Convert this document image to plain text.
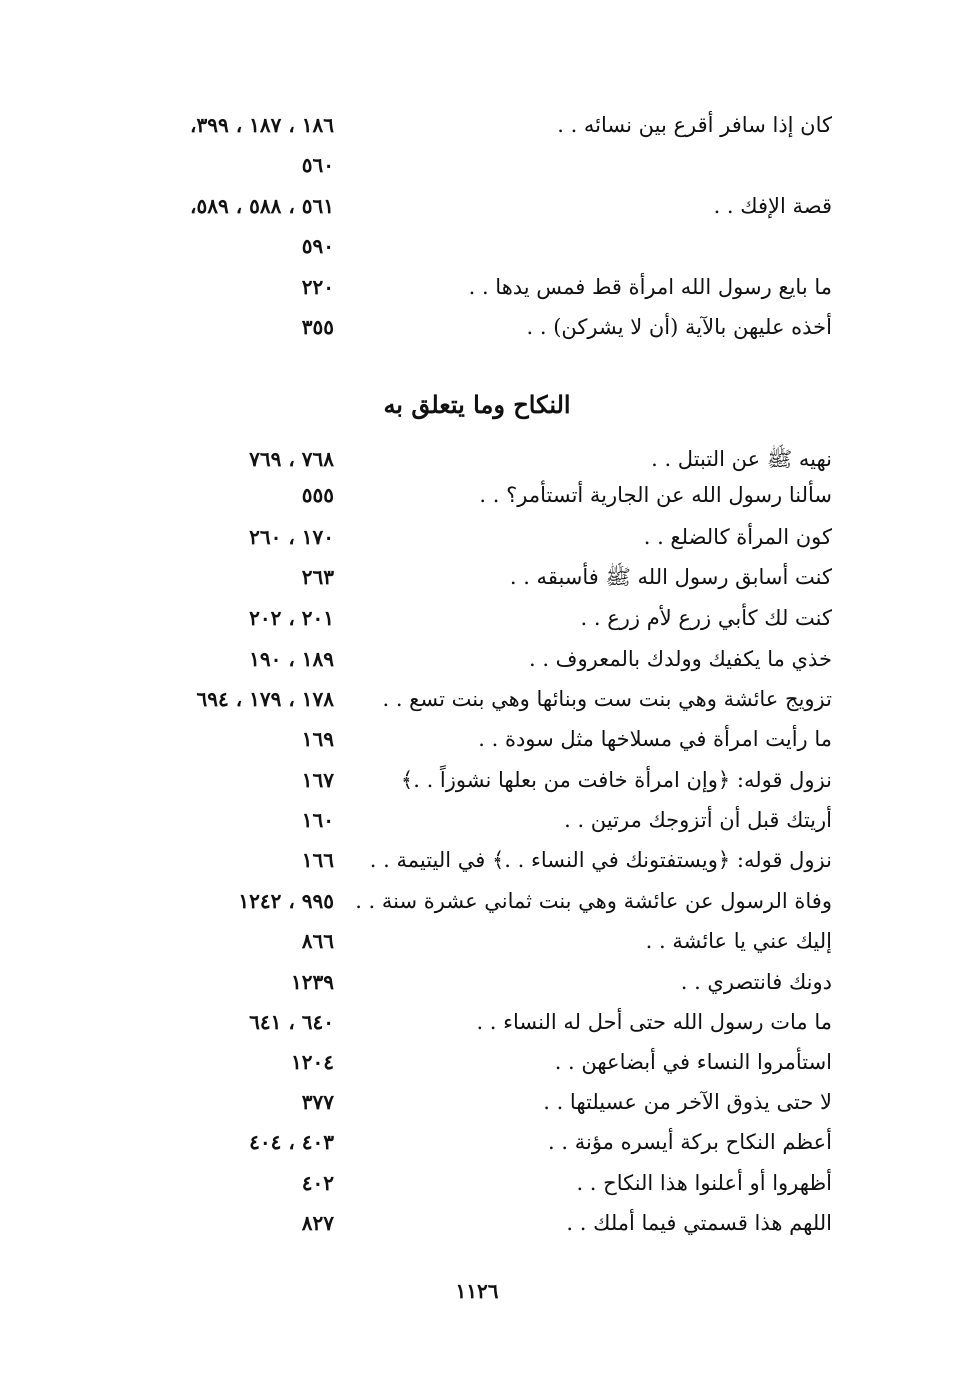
كان إذا سافر أقرع بين نسائه . .
١٨٦ ، ١٨٧ ، ٣٩٩،
٥٦٠
قصة الإفك . .
٥٦١ ، ٥٨٨ ، ٥٨٩،
٥٩٠
ما بايع رسول الله امرأة قط فمس يدها . .
٢٢٠
أخذه عليهن بالآية (أن لا يشركن) . .
٣٥٥
النكاح وما يتعلق به
نهيه ﷺ عن التبتل . .
٧٦٨ ، ٧٦٩
سألنا رسول الله عن الجارية أتستأمر؟ . .
٥٥٥
كون المرأة كالضلع . .
١٧٠ ، ٢٦٠
كنت أسابق رسول الله ﷺ فأسبقه . .
٢٦٣
كنت لك كأبي زرع لأم زرع . .
٢٠١ ، ٢٠٢
خذي ما يكفيك وولدك بالمعروف . .
١٨٩ ، ١٩٠
تزويج عائشة وهي بنت ست وبنائها وهي بنت تسع . .
١٧٨ ، ١٧٩ ، ٦٩٤
ما رأيت امرأة في مسلاخها مثل سودة . .
١٦٩
نزول قوله: ﴿وإن امرأة خافت من بعلها نشوزاً . .﴾
١٦٧
أريتك قبل أن أتزوجك مرتين . .
١٦٠
نزول قوله: ﴿ويستفتونك في النساء . .﴾ في اليتيمة . .
١٦٦
وفاة الرسول عن عائشة وهي بنت ثماني عشرة سنة . .
٩٩٥ ، ١٢٤٢
إليك عني يا عائشة . .
٨٦٦
دونك فانتصري . .
١٢٣٩
ما مات رسول الله حتى أحل له النساء . .
٦٤٠ ، ٦٤١
استأمروا النساء في أبضاعهن . .
١٢٠٤
لا حتى يذوق الآخر من عسيلتها . .
٣٧٧
أعظم النكاح بركة أيسره مؤنة . .
٤٠٣ ، ٤٠٤
أظهروا أو أعلنوا هذا النكاح . .
٤٠٢
اللهم هذا قسمتي فيما أملك . .
٨٢٧
١١٢٦
